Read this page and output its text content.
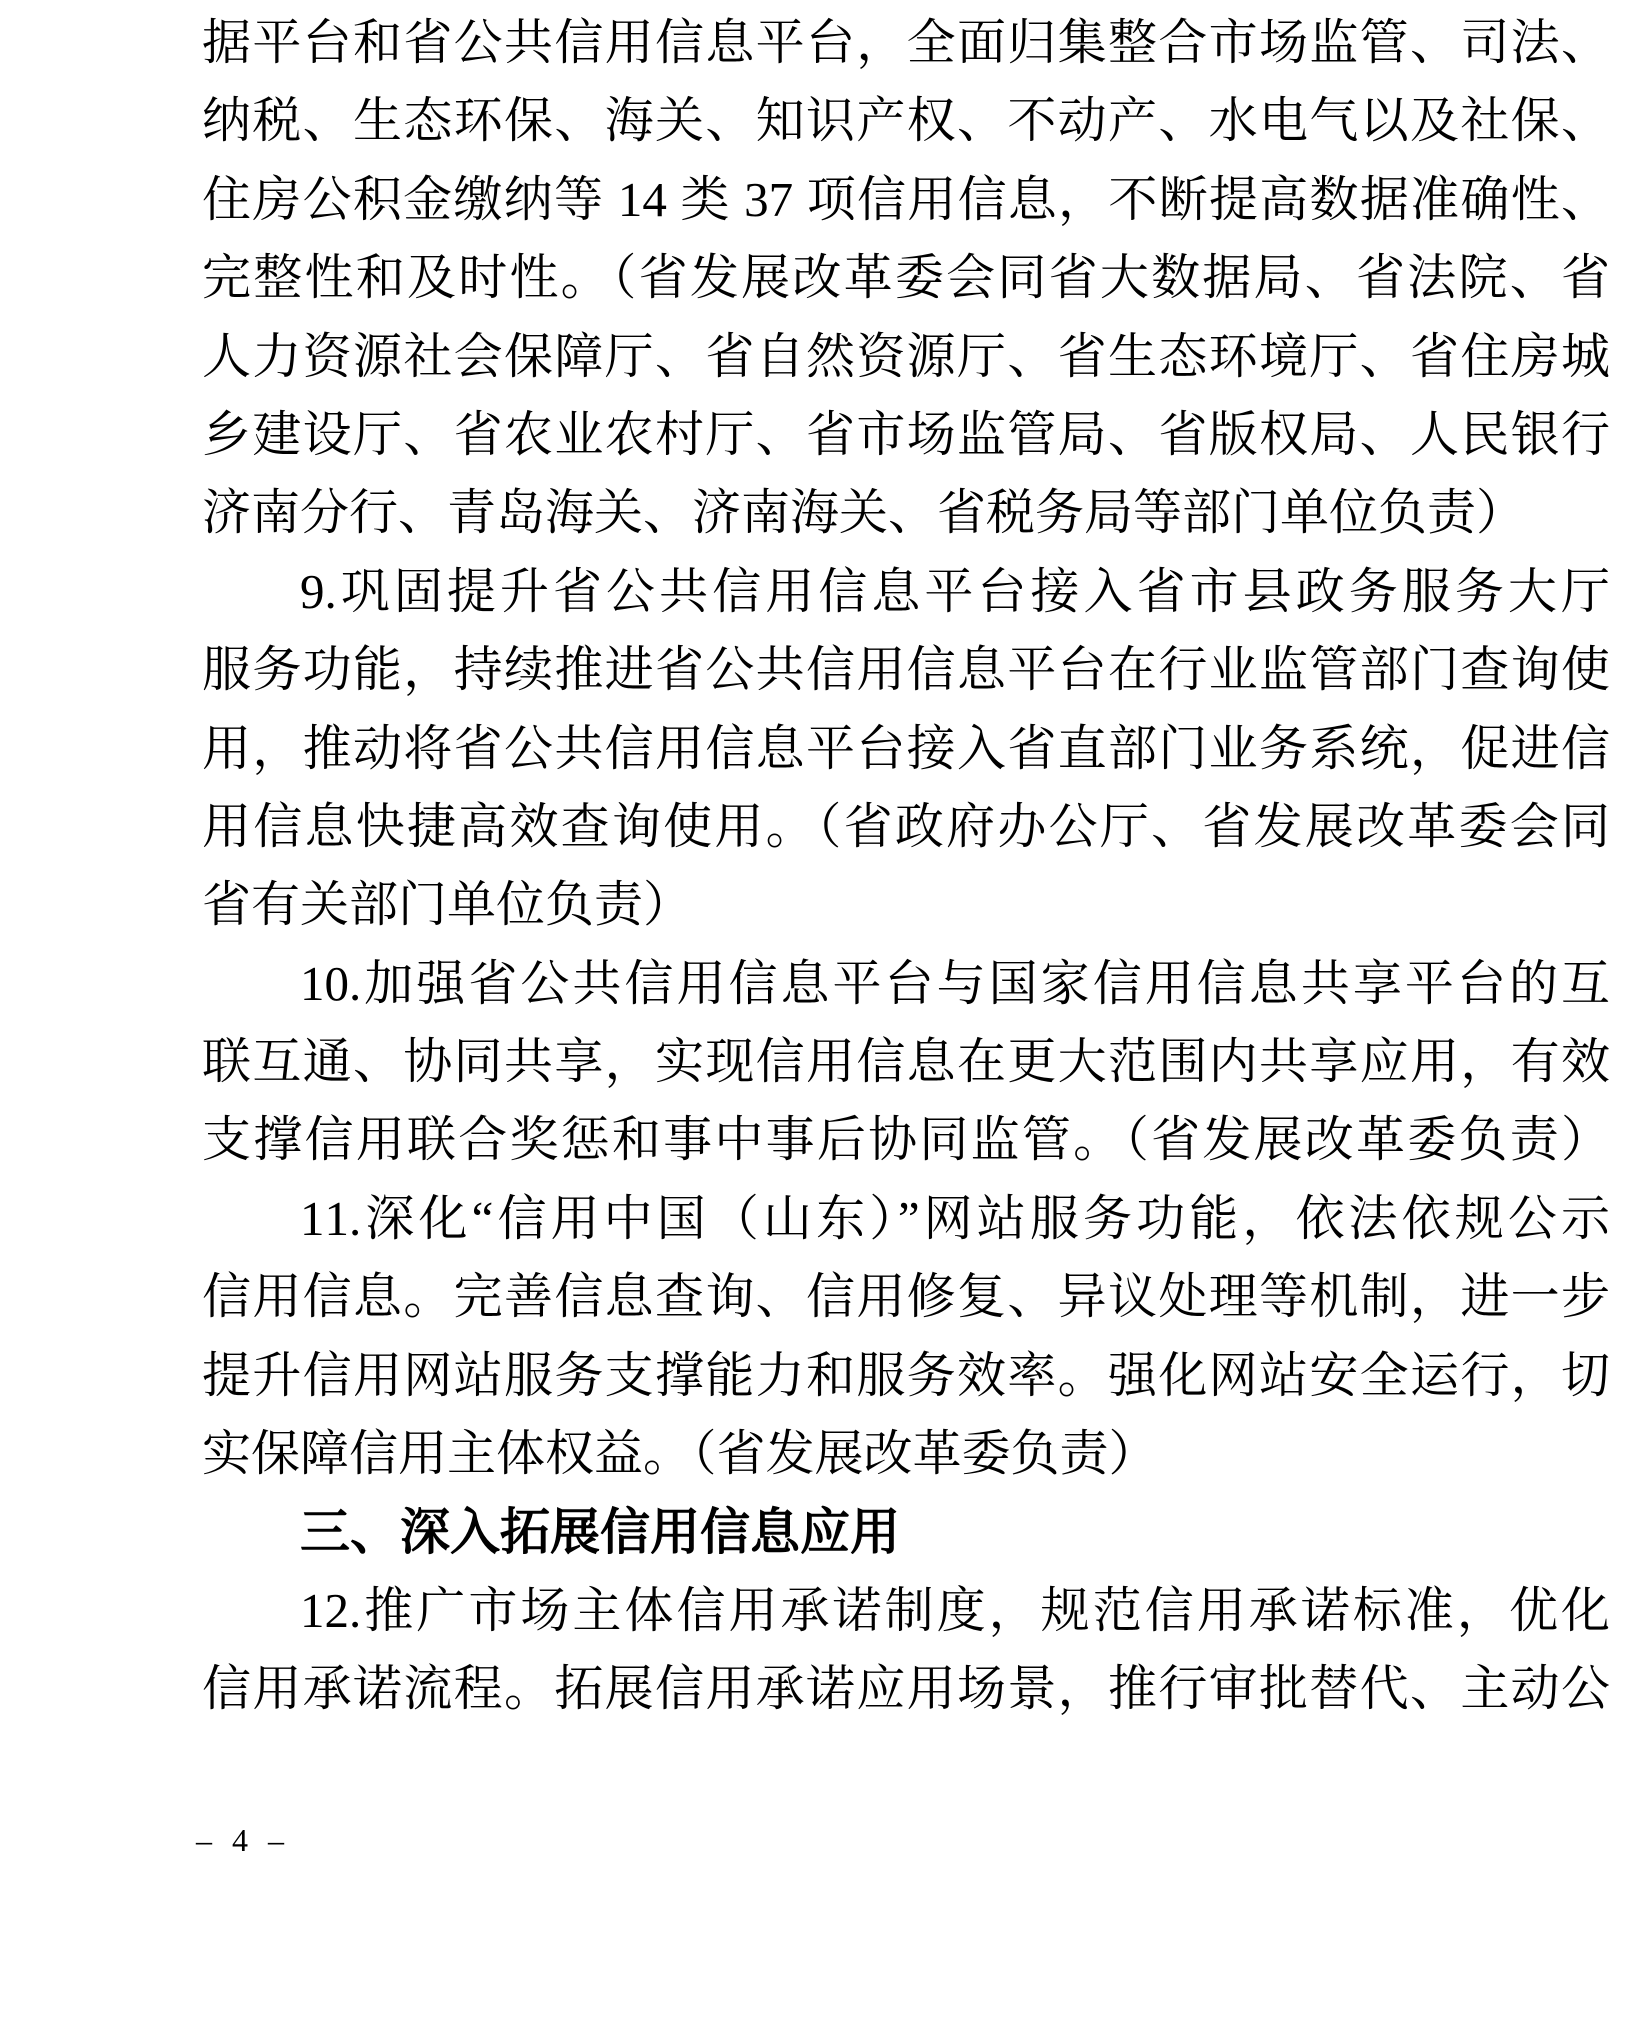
据平台和省公共信用信息平台，全面归集整合市场监管、司法、
纳税、生态环保、海关、知识产权、不动产、水电气以及社保、
住房公积金缴纳等 14 类 37 项信用信息，不断提高数据准确性、
完整性和及时性。（省发展改革委会同省大数据局、省法院、省
人力资源社会保障厅、省自然资源厅、省生态环境厅、省住房城
乡建设厅、省农业农村厅、省市场监管局、省版权局、人民银行
济南分行、青岛海关、济南海关、省税务局等部门单位负责）
9.巩固提升省公共信用信息平台接入省市县政务服务大厅
服务功能，持续推进省公共信用信息平台在行业监管部门查询使
用，推动将省公共信用信息平台接入省直部门业务系统，促进信
用信息快捷高效查询使用。（省政府办公厅、省发展改革委会同
省有关部门单位负责）
10.加强省公共信用信息平台与国家信用信息共享平台的互
联互通、协同共享，实现信用信息在更大范围内共享应用，有效
支撑信用联合奖惩和事中事后协同监管。（省发展改革委负责）
11.深化“信用中国（山东）”网站服务功能，依法依规公示
信用信息。完善信息查询、信用修复、异议处理等机制，进一步
提升信用网站服务支撑能力和服务效率。强化网站安全运行，切
实保障信用主体权益。（省发展改革委负责）
三、深入拓展信用信息应用
12.推广市场主体信用承诺制度，规范信用承诺标准，优化
信用承诺流程。拓展信用承诺应用场景，推行审批替代、主动公
– 4 –
